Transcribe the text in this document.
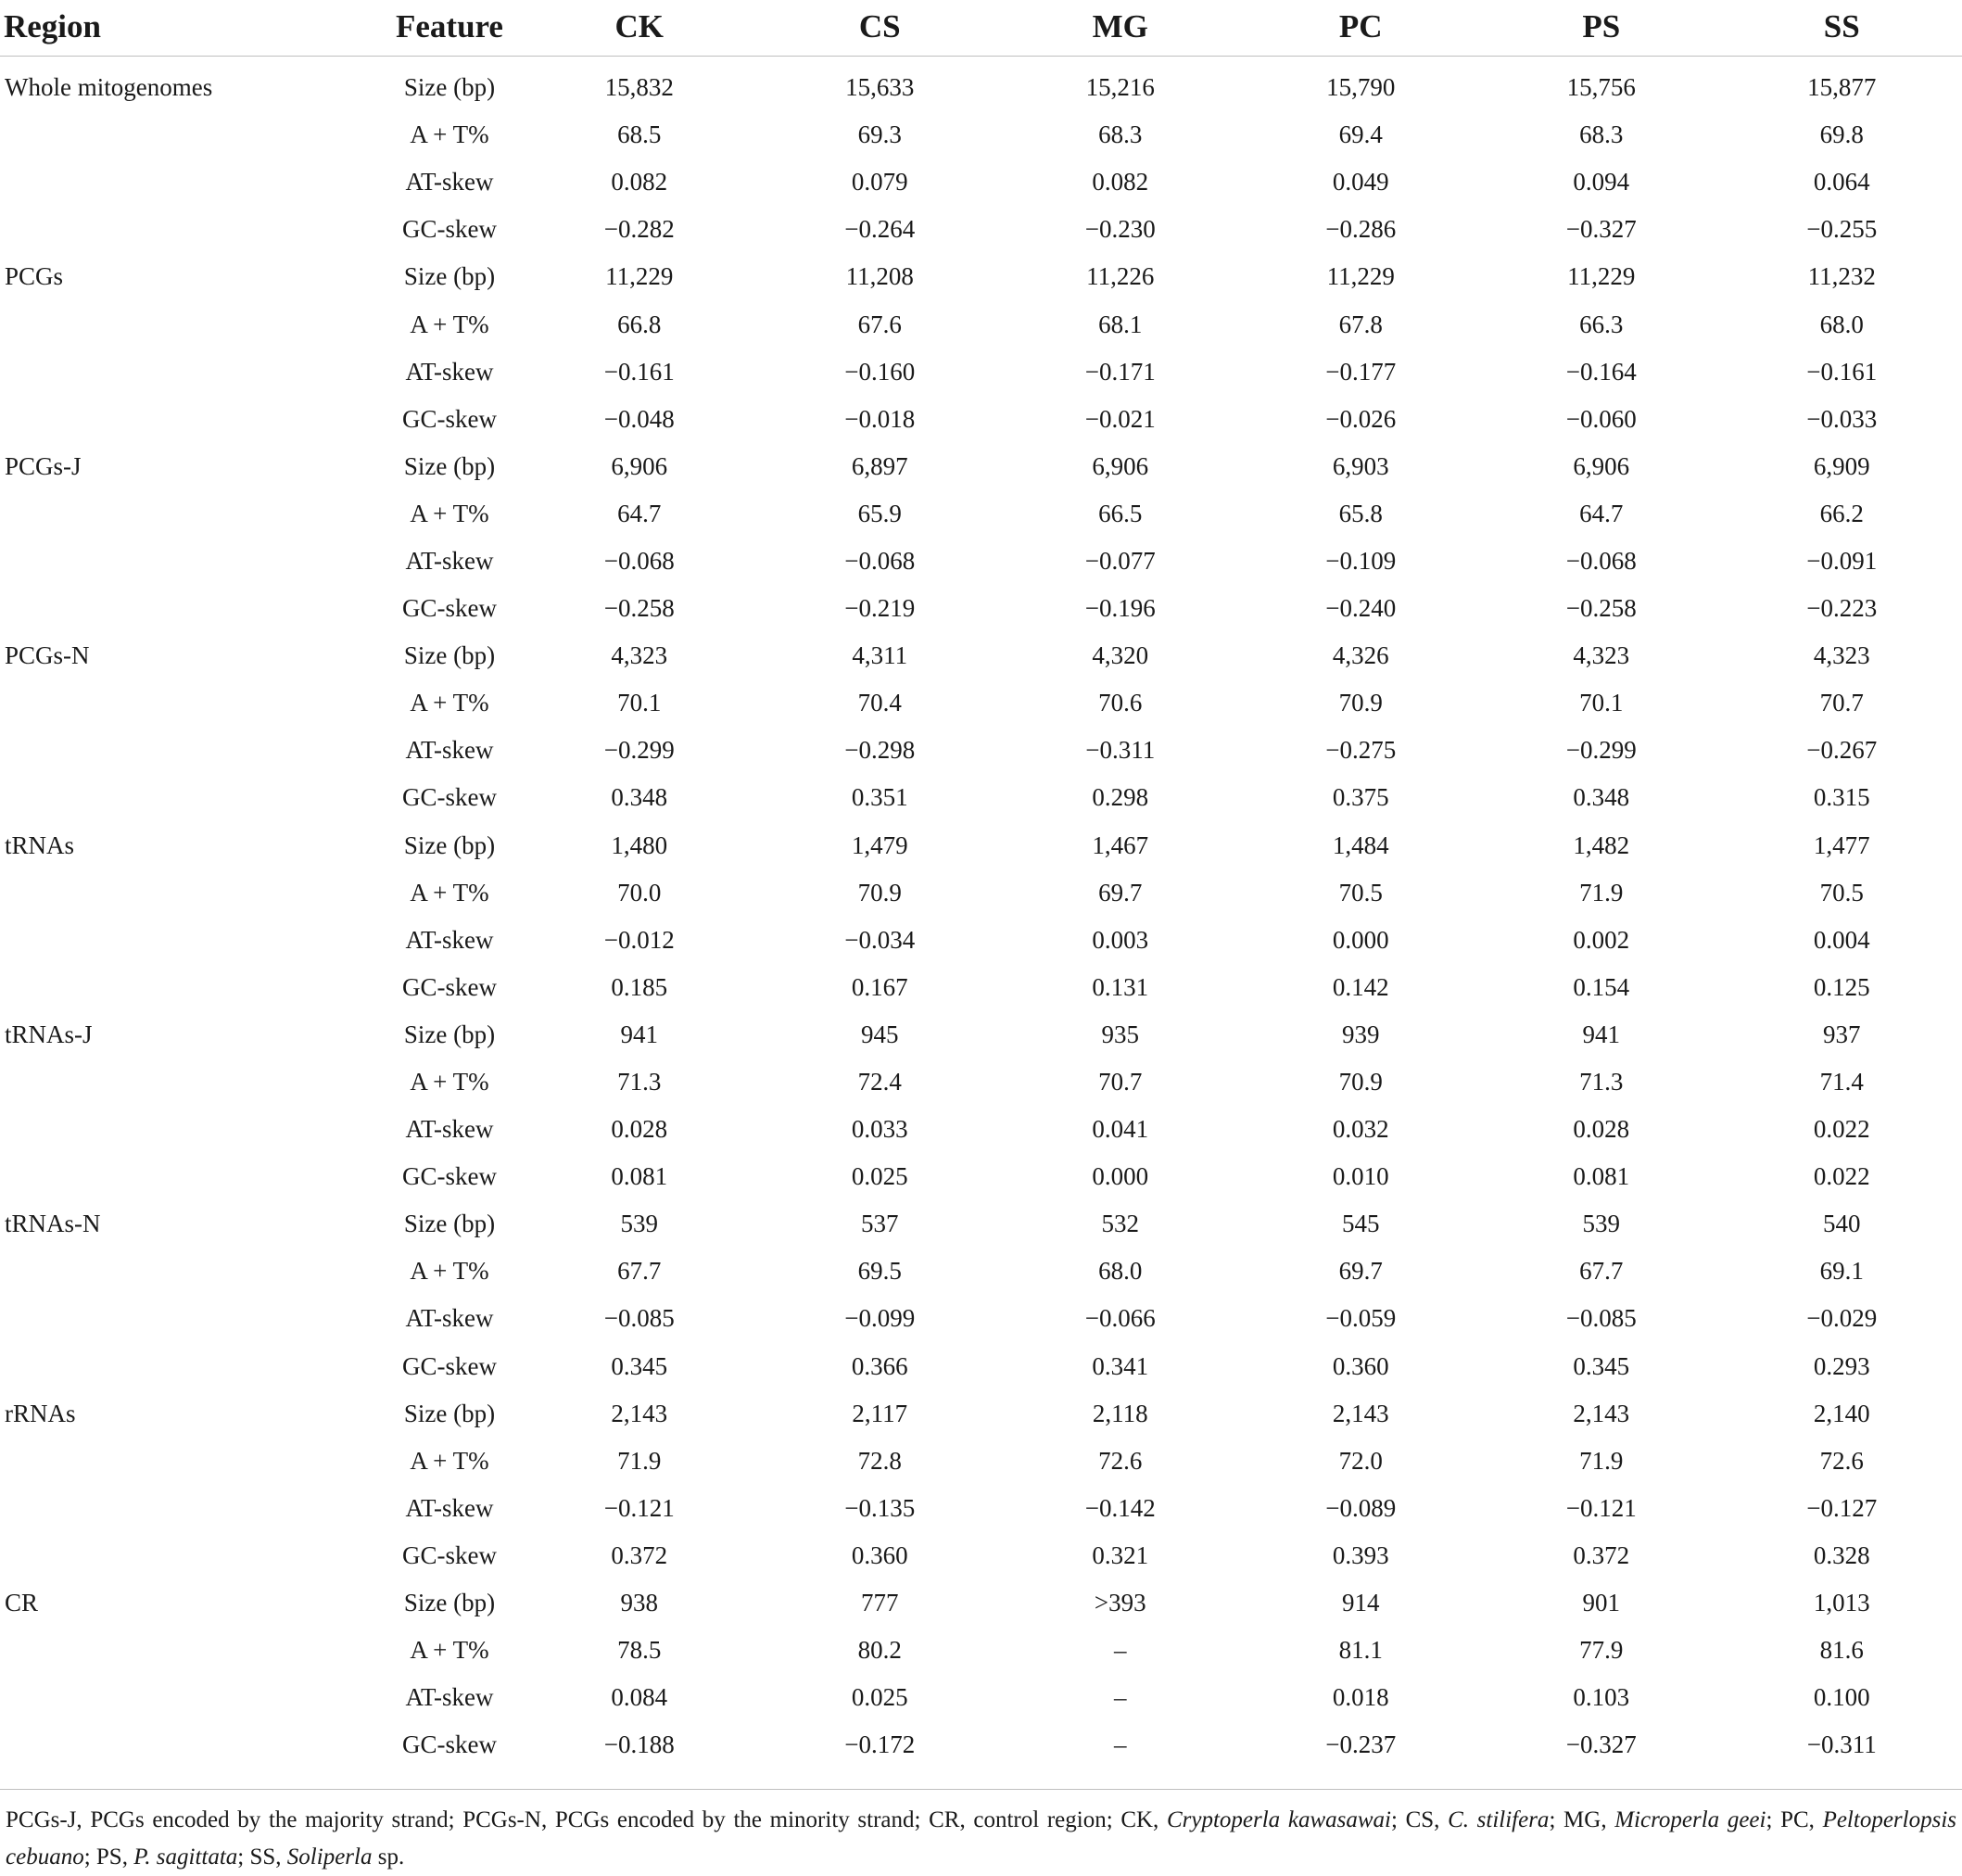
Region	Feature	CK	CS	MG	PC	PS	SS
Whole mitogenomes	Size (bp)	15,832	15,633	15,216	15,790	15,756	15,877
	A + T%	68.5	69.3	68.3	69.4	68.3	69.8
	AT-skew	0.082	0.079	0.082	0.049	0.094	0.064
	GC-skew	−0.282	−0.264	−0.230	−0.286	−0.327	−0.255
PCGs	Size (bp)	11,229	11,208	11,226	11,229	11,229	11,232
	A + T%	66.8	67.6	68.1	67.8	66.3	68.0
	AT-skew	−0.161	−0.160	−0.171	−0.177	−0.164	−0.161
	GC-skew	−0.048	−0.018	−0.021	−0.026	−0.060	−0.033
PCGs-J	Size (bp)	6,906	6,897	6,906	6,903	6,906	6,909
	A + T%	64.7	65.9	66.5	65.8	64.7	66.2
	AT-skew	−0.068	−0.068	−0.077	−0.109	−0.068	−0.091
	GC-skew	−0.258	−0.219	−0.196	−0.240	−0.258	−0.223
PCGs-N	Size (bp)	4,323	4,311	4,320	4,326	4,323	4,323
	A + T%	70.1	70.4	70.6	70.9	70.1	70.7
	AT-skew	−0.299	−0.298	−0.311	−0.275	−0.299	−0.267
	GC-skew	0.348	0.351	0.298	0.375	0.348	0.315
tRNAs	Size (bp)	1,480	1,479	1,467	1,484	1,482	1,477
	A + T%	70.0	70.9	69.7	70.5	71.9	70.5
	AT-skew	−0.012	−0.034	0.003	0.000	0.002	0.004
	GC-skew	0.185	0.167	0.131	0.142	0.154	0.125
tRNAs-J	Size (bp)	941	945	935	939	941	937
	A + T%	71.3	72.4	70.7	70.9	71.3	71.4
	AT-skew	0.028	0.033	0.041	0.032	0.028	0.022
	GC-skew	0.081	0.025	0.000	0.010	0.081	0.022
tRNAs-N	Size (bp)	539	537	532	545	539	540
	A + T%	67.7	69.5	68.0	69.7	67.7	69.1
	AT-skew	−0.085	−0.099	−0.066	−0.059	−0.085	−0.029
	GC-skew	0.345	0.366	0.341	0.360	0.345	0.293
rRNAs	Size (bp)	2,143	2,117	2,118	2,143	2,143	2,140
	A + T%	71.9	72.8	72.6	72.0	71.9	72.6
	AT-skew	−0.121	−0.135	−0.142	−0.089	−0.121	−0.127
	GC-skew	0.372	0.360	0.321	0.393	0.372	0.328
CR	Size (bp)	938	777	>393	914	901	1,013
	A + T%	78.5	80.2	–	81.1	77.9	81.6
	AT-skew	0.084	0.025	–	0.018	0.103	0.100
	GC-skew	−0.188	−0.172	–	−0.237	−0.327	−0.311
PCGs-J, PCGs encoded by the majority strand; PCGs-N, PCGs encoded by the minority strand; CR, control region; CK, Cryptoperla kawasawai; CS, C. stilifera; MG, Microperla geei; PC, Peltoperlopsis cebuano; PS, P. sagittata; SS, Soliperla sp.
